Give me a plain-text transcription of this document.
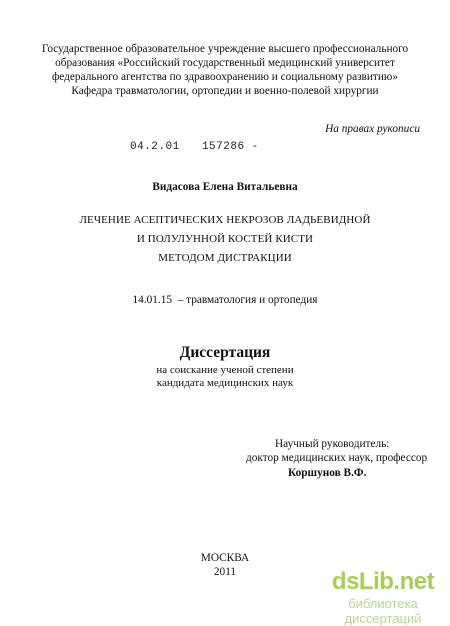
Государственное образовательное учреждение высшего профессионального
образования «Российский государственный медицинский университет
федерального агентства по здравоохранению и социальному развитию»
Кафедра травматологии, ортопедии и военно-полевой хирургии
На правах рукописи
04.2.01 157286 -
Видасова Елена Витальевна
ЛЕЧЕНИЕ АСЕПТИЧЕСКИХ НЕКРОЗОВ ЛАДЬЕВИДНОЙ
И ПОЛУЛУННОЙ КОСТЕЙ КИСТИ
МЕТОДОМ ДИСТРАКЦИИ
14.01.15  – травматология и ортопедия
Диссертация
на соискание ученой степени
кандидата медицинских наук
Научный руководитель:
доктор медицинских наук, профессор
Коршунов В.Ф.
МОСКВА
2011	dsLib.net
библиотека диссертаций
